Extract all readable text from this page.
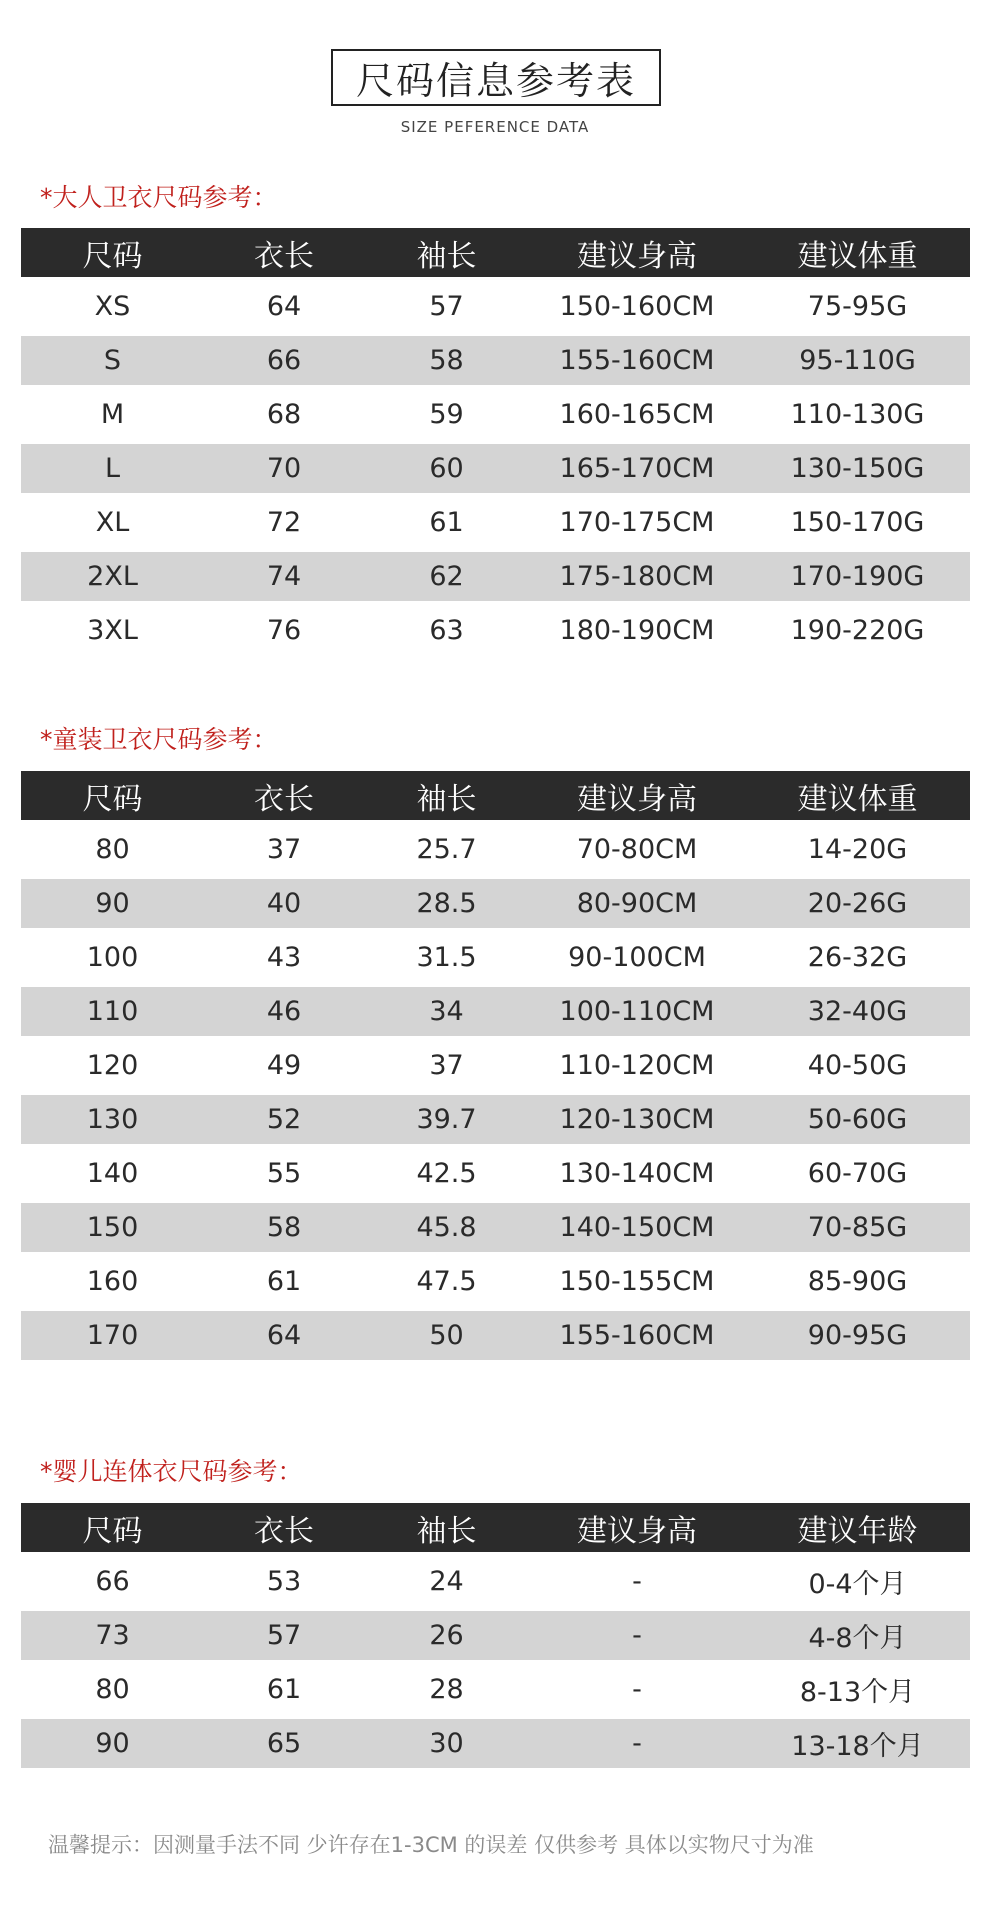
尺码信息参考表
SIZE PEFERENCE DATA
*大人卫衣尺码参考：
尺码	衣长	袖长	建议身高	建议体重
XS	64	57	150-160CM	75-95G
S	66	58	155-160CM	95-110G
M	68	59	160-165CM	110-130G
L	70	60	165-170CM	130-150G
XL	72	61	170-175CM	150-170G
2XL	74	62	175-180CM	170-190G
3XL	76	63	180-190CM	190-220G
*童装卫衣尺码参考：
尺码	衣长	袖长	建议身高	建议体重
80	37	25.7	70-80CM	14-20G
90	40	28.5	80-90CM	20-26G
100	43	31.5	90-100CM	26-32G
110	46	34	100-110CM	32-40G
120	49	37	110-120CM	40-50G
130	52	39.7	120-130CM	50-60G
140	55	42.5	130-140CM	60-70G
150	58	45.8	140-150CM	70-85G
160	61	47.5	150-155CM	85-90G
170	64	50	155-160CM	90-95G
*婴儿连体衣尺码参考：
尺码	衣长	袖长	建议身高	建议年龄
66	53	24	-	0-4个月
73	57	26	-	4-8个月
80	61	28	-	8-13个月
90	65	30	-	13-18个月
温馨提示：因测量手法不同 少许存在1-3CM 的误差 仅供参考 具体以实物尺寸为准
